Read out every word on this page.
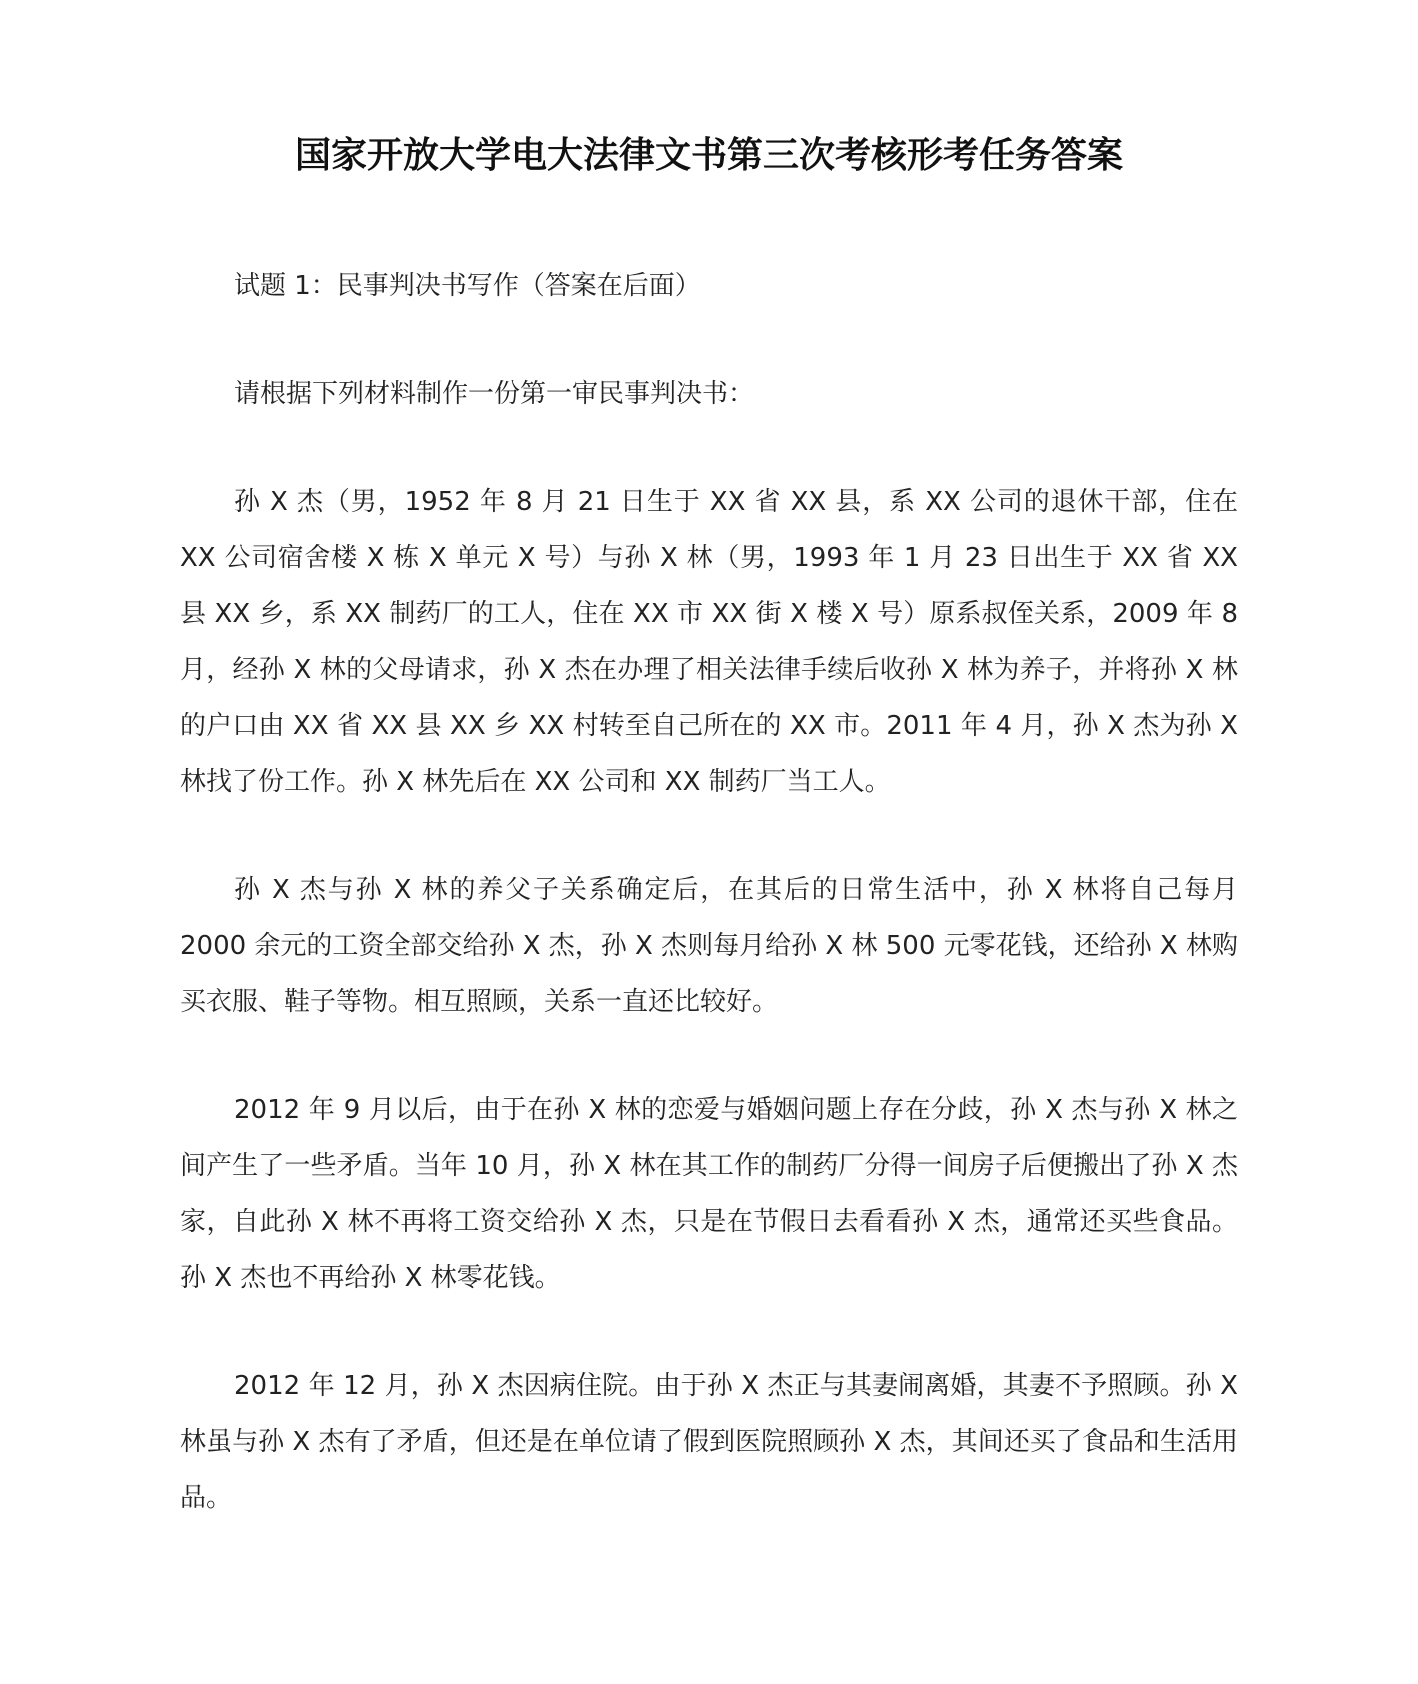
国家开放大学电大法律文书第三次考核形考任务答案

试题 1：民事判决书写作（答案在后面）

请根据下列材料制作一份第一审民事判决书：

孙 X 杰（男，1952 年 8 月 21 日生于 XX 省 XX 县，系 XX 公司的退休干部，住在 XX 公司宿舍楼 X 栋 X 单元 X 号）与孙 X 林（男，1993 年 1 月 23 日出生于 XX 省 XX 县 XX 乡，系 XX 制药厂的工人，住在 XX 市 XX 街 X 楼 X 号）原系叔侄关系，2009 年 8 月，经孙 X 林的父母请求，孙 X 杰在办理了相关法律手续后收孙 X 林为养子，并将孙 X 林的户口由 XX 省 XX 县 XX 乡 XX 村转至自己所在的 XX 市。2011 年 4 月，孙 X 杰为孙 X 林找了份工作。孙 X 林先后在 XX 公司和 XX 制药厂当工人。

孙 X 杰与孙 X 林的养父子关系确定后，在其后的日常生活中，孙 X 林将自己每月 2000 余元的工资全部交给孙 X 杰，孙 X 杰则每月给孙 X 林 500 元零花钱，还给孙 X 林购买衣服、鞋子等物。相互照顾，关系一直还比较好。

2012 年 9 月以后，由于在孙 X 林的恋爱与婚姻问题上存在分歧，孙 X 杰与孙 X 林之间产生了一些矛盾。当年 10 月，孙 X 林在其工作的制药厂分得一间房子后便搬出了孙 X 杰家，自此孙 X 林不再将工资交给孙 X 杰，只是在节假日去看看孙 X 杰，通常还买些食品。孙 X 杰也不再给孙 X 林零花钱。

2012 年 12 月，孙 X 杰因病住院。由于孙 X 杰正与其妻闹离婚，其妻不予照顾。孙 X 林虽与孙 X 杰有了矛盾，但还是在单位请了假到医院照顾孙 X 杰，其间还买了食品和生活用品。
